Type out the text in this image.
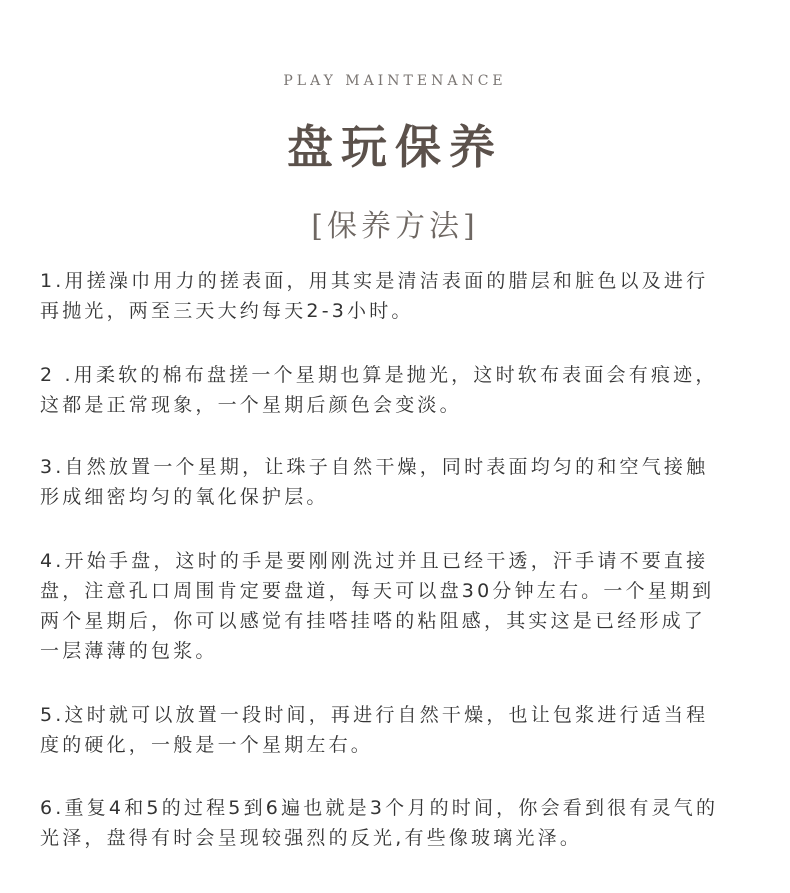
PLAY MAINTENANCE
盘玩保养
[保养方法]
1.用搓澡巾用力的搓表面，用其实是清洁表面的腊层和脏色以及进行
再抛光，两至三天大约每天2-3小时。
2 .用柔软的棉布盘搓一个星期也算是抛光，这时软布表面会有痕迹，
这都是正常现象，一个星期后颜色会变淡。
3.自然放置一个星期，让珠子自然干燥，同时表面均匀的和空气接触
形成细密均匀的氧化保护层。
4.开始手盘，这时的手是要刚刚洗过并且已经干透，汗手请不要直接
盘，注意孔口周围肯定要盘道，每天可以盘30分钟左右。一个星期到
两个星期后，你可以感觉有挂嗒挂嗒的粘阻感，其实这是已经形成了
一层薄薄的包浆。
5.这时就可以放置一段时间，再进行自然干燥，也让包浆进行适当程
度的硬化，一般是一个星期左右。
6.重复4和5的过程5到6遍也就是3个月的时间，你会看到很有灵气的
光泽，盘得有时会呈现较强烈的反光,有些像玻璃光泽。
